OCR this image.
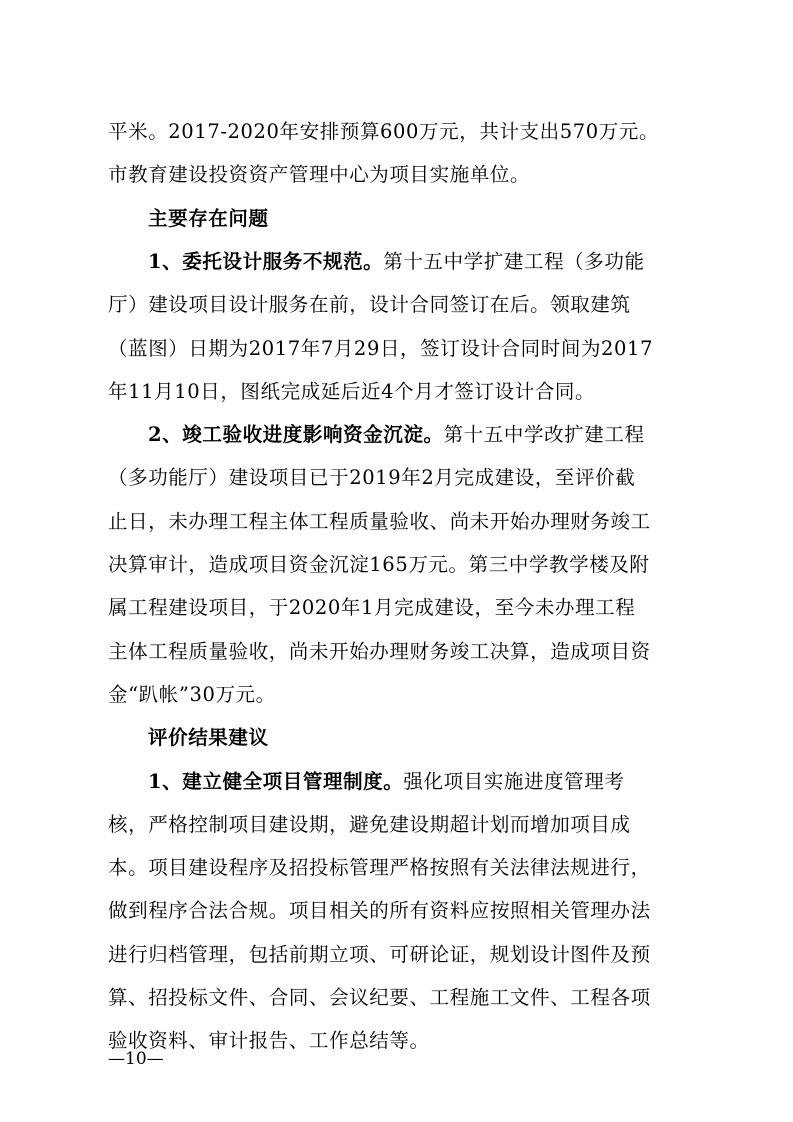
平米。2017-2020年安排预算600万元，共计支出570万元。
市教育建设投资资产管理中心为项目实施单位。
主要存在问题
1、委托设计服务不规范。第十五中学扩建工程（多功能
厅）建设项目设计服务在前，设计合同签订在后。领取建筑
（蓝图）日期为2017年7月29日，签订设计合同时间为2017
年11月10日，图纸完成延后近4个月才签订设计合同。
2、竣工验收进度影响资金沉淀。第十五中学改扩建工程
（多功能厅）建设项目已于2019年2月完成建设，至评价截
止日，未办理工程主体工程质量验收、尚未开始办理财务竣工
决算审计，造成项目资金沉淀165万元。第三中学教学楼及附
属工程建设项目，于2020年1月完成建设，至今未办理工程
主体工程质量验收，尚未开始办理财务竣工决算，造成项目资
金“趴帐”30万元。
评价结果建议
1、建立健全项目管理制度。强化项目实施进度管理考
核，严格控制项目建设期，避免建设期超计划而增加项目成
本。项目建设程序及招投标管理严格按照有关法律法规进行，
做到程序合法合规。项目相关的所有资料应按照相关管理办法
进行归档管理，包括前期立项、可研论证，规划设计图件及预
算、招投标文件、合同、会议纪要、工程施工文件、工程各项
验收资料、审计报告、工作总结等。
—10—
